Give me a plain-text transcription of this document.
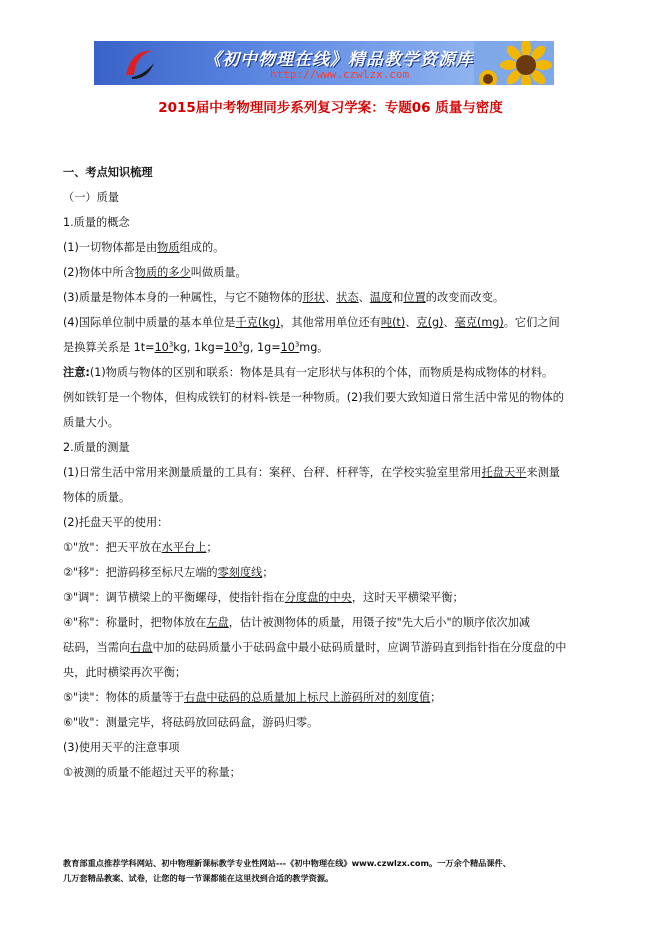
《初中物理在线》精品教学资源库
http://www.czwlzx.com
2015届中考物理同步系列复习学案：专题06 质量与密度
一、考点知识梳理
（一）质量
1.质量的概念
(1)一切物体都是由物质组成的。
(2)物体中所含物质的多少叫做质量。
(3)质量是物体本身的一种属性，与它不随物体的形状、状态、温度和位置的改变而改变。
(4)国际单位制中质量的基本单位是千克(kg)，其他常用单位还有吨(t)、克(g)、毫克(mg)。它们之间
是换算关系是 $1t=10^3kg$, $1kg=10^3g$, $1g=10^3mg$。
注意:(1)物质与物体的区别和联系：物体是具有一定形状与体积的个体，而物质是构成物体的材料。
例如铁钉是一个物体，但构成铁钉的材料-铁是一种物质。(2)我们要大致知道日常生活中常见的物体的
质量大小。
2.质量的测量
(1)日常生活中常用来测量质量的工具有：案秤、台秤、杆秤等，在学校实验室里常用托盘天平来测量
物体的质量。
(2)托盘天平的使用：
①"放"：把天平放在水平台上；
②"移"：把游码移至标尺左端的零刻度线；
③"调"：调节横梁上的平衡螺母，使指针指在分度盘的中央，这时天平横梁平衡；
④"称"：称量时，把物体放在左盘，估计被测物体的质量，用镊子按"先大后小"的顺序依次加减
砝码，当需向右盘中加的砝码质量小于砝码盒中最小砝码质量时，应调节游码直到指针指在分度盘的中
央，此时横梁再次平衡；
⑤"读"：物体的质量等于右盘中砝码的总质量加上标尺上游码所对的刻度值；
⑥"收"：测量完毕，将砝码放回砝码盒，游码归零。
(3)使用天平的注意事项
①被测的质量不能超过天平的称量；
教育部重点推荐学科网站、初中物理新课标教学专业性网站---《初中物理在线》www.czwlzx.com。一万余个精品课件、
几万套精品教案、试卷，让您的每一节课都能在这里找到合适的教学资源。
